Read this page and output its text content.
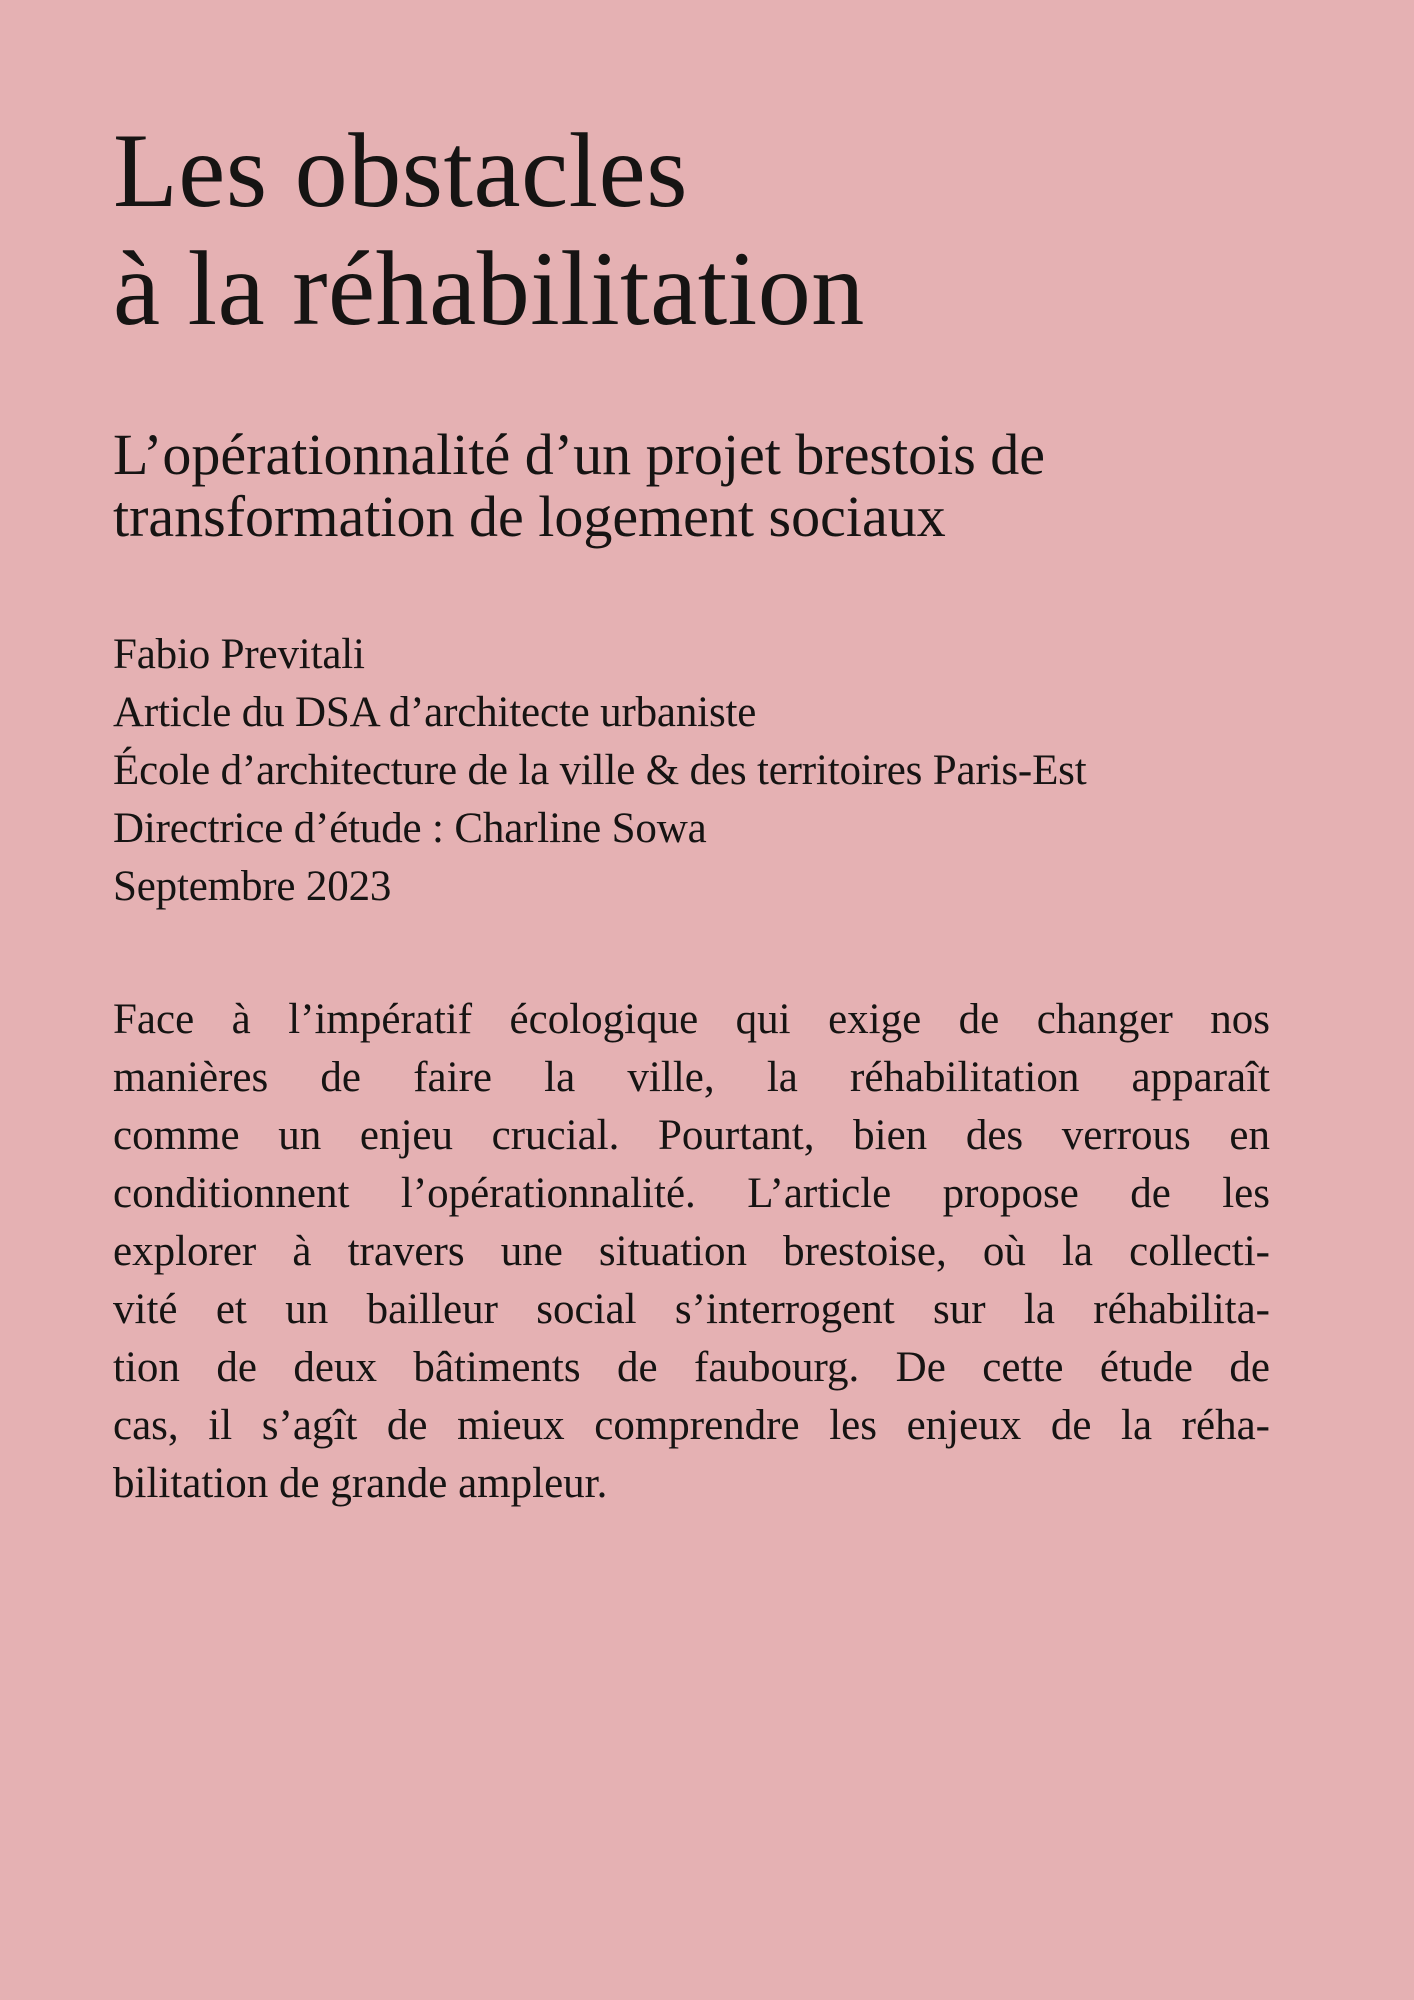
Les obstacles
à la réhabilitation
L’opérationnalité d’un projet brestois de
transformation de logement sociaux
Fabio Previtali
Article du DSA d’architecte urbaniste
École d’architecture de la ville & des territoires Paris-Est
Directrice d’étude : Charline Sowa
Septembre 2023
Face à l’impératif écologique qui exige de changer nos
manières de faire la ville, la réhabilitation apparaît
comme un enjeu crucial. Pourtant, bien des verrous en
conditionnent l’opérationnalité. L’article propose de les
explorer à travers une situation brestoise, où la collecti-
vité et un bailleur social s’interrogent sur la réhabilita-
tion de deux bâtiments de faubourg. De cette étude de
cas, il s’agît de mieux comprendre les enjeux de la réha-
bilitation de grande ampleur.
